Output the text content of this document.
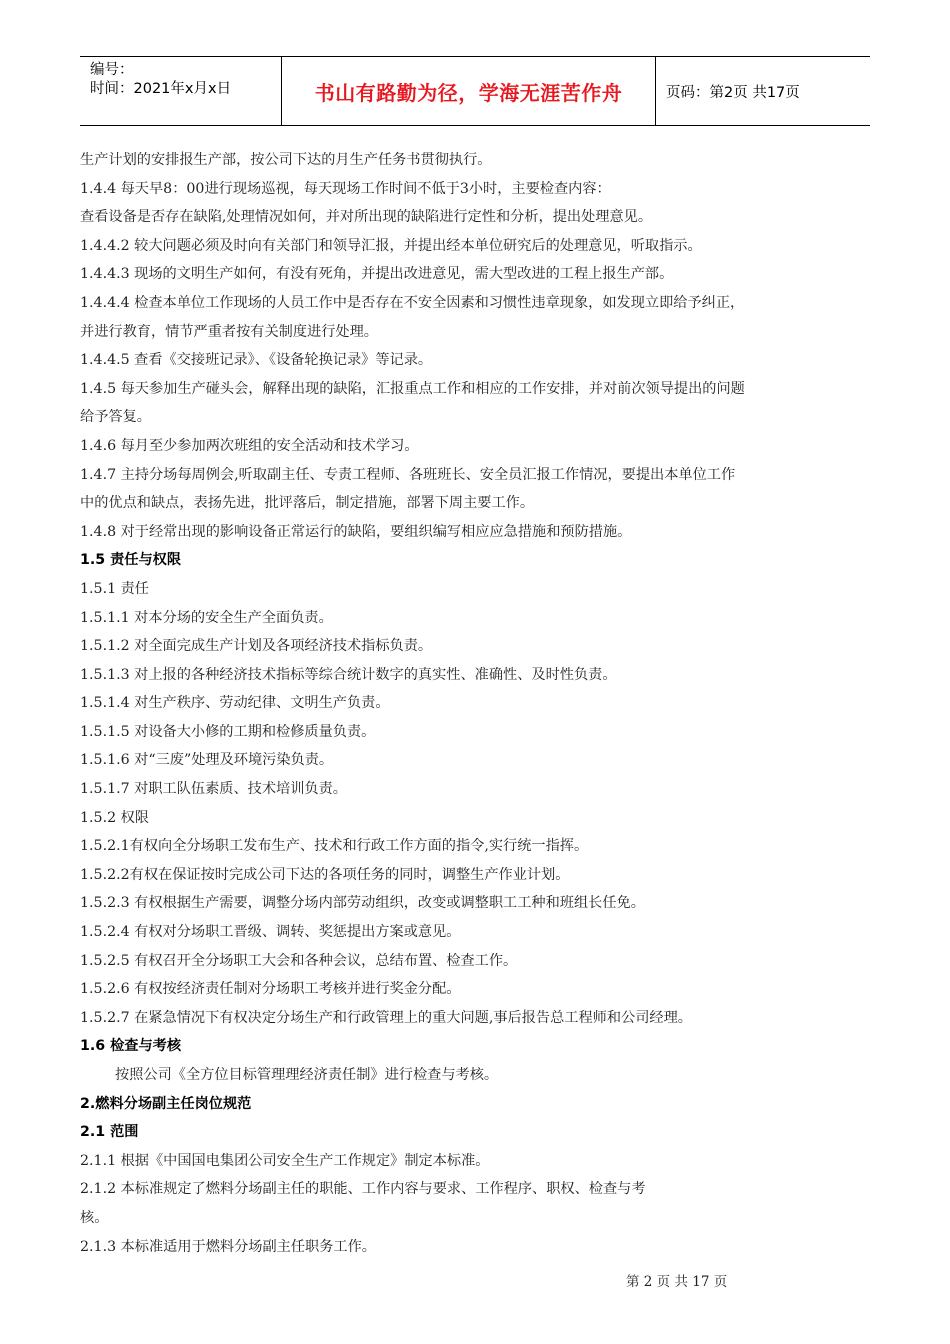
编号：
时间：2021年x月x日	书山有路勤为径，学海无涯苦作舟	页码：第2页 共17页
生产计划的安排报生产部，按公司下达的月生产任务书贯彻执行。
1.4.4 每天早8：00进行现场巡视，每天现场工作时间不低于3小时，主要检查内容：
查看设备是否存在缺陷,处理情况如何，并对所出现的缺陷进行定性和分析，提出处理意见。
1.4.4.2 较大问题必须及时向有关部门和领导汇报，并提出经本单位研究后的处理意见，听取指示。
1.4.4.3 现场的文明生产如何，有没有死角，并提出改进意见，需大型改进的工程上报生产部。
1.4.4.4 检查本单位工作现场的人员工作中是否存在不安全因素和习惯性违章现象，如发现立即给予纠正，
并进行教育，情节严重者按有关制度进行处理。
1.4.4.5 查看《交接班记录》、《设备轮换记录》等记录。
1.4.5 每天参加生产碰头会，解释出现的缺陷，汇报重点工作和相应的工作安排，并对前次领导提出的问题
给予答复。
1.4.6 每月至少参加两次班组的安全活动和技术学习。
1.4.7 主持分场每周例会,听取副主任、专责工程师、各班班长、安全员汇报工作情况，要提出本单位工作
中的优点和缺点，表扬先进，批评落后，制定措施，部署下周主要工作。
1.4.8 对于经常出现的影响设备正常运行的缺陷，要组织编写相应应急措施和预防措施。
1.5 责任与权限
1.5.1 责任
1.5.1.1 对本分场的安全生产全面负责。
1.5.1.2 对全面完成生产计划及各项经济技术指标负责。
1.5.1.3 对上报的各种经济技术指标等综合统计数字的真实性、准确性、及时性负责。
1.5.1.4 对生产秩序、劳动纪律、文明生产负责。
1.5.1.5 对设备大小修的工期和检修质量负责。
1.5.1.6 对“三废”处理及环境污染负责。
1.5.1.7 对职工队伍素质、技术培训负责。
1.5.2 权限
1.5.2.1有权向全分场职工发布生产、技术和行政工作方面的指令,实行统一指挥。
1.5.2.2有权在保证按时完成公司下达的各项任务的同时，调整生产作业计划。
1.5.2.3 有权根据生产需要，调整分场内部劳动组织，改变或调整职工工种和班组长任免。
1.5.2.4 有权对分场职工晋级、调转、奖惩提出方案或意见。
1.5.2.5 有权召开全分场职工大会和各种会议，总结布置、检查工作。
1.5.2.6 有权按经济责任制对分场职工考核并进行奖金分配。
1.5.2.7 在紧急情况下有权决定分场生产和行政管理上的重大问题,事后报告总工程师和公司经理。
1.6 检查与考核
按照公司《全方位目标管理理经济责任制》进行检查与考核。
2.燃料分场副主任岗位规范
2.1 范围
2.1.1 根据《中国国电集团公司安全生产工作规定》制定本标准。
2.1.2 本标准规定了燃料分场副主任的职能、工作内容与要求、工作程序、职权、检查与考
核。
2.1.3 本标准适用于燃料分场副主任职务工作。
第 2 页 共 17 页
